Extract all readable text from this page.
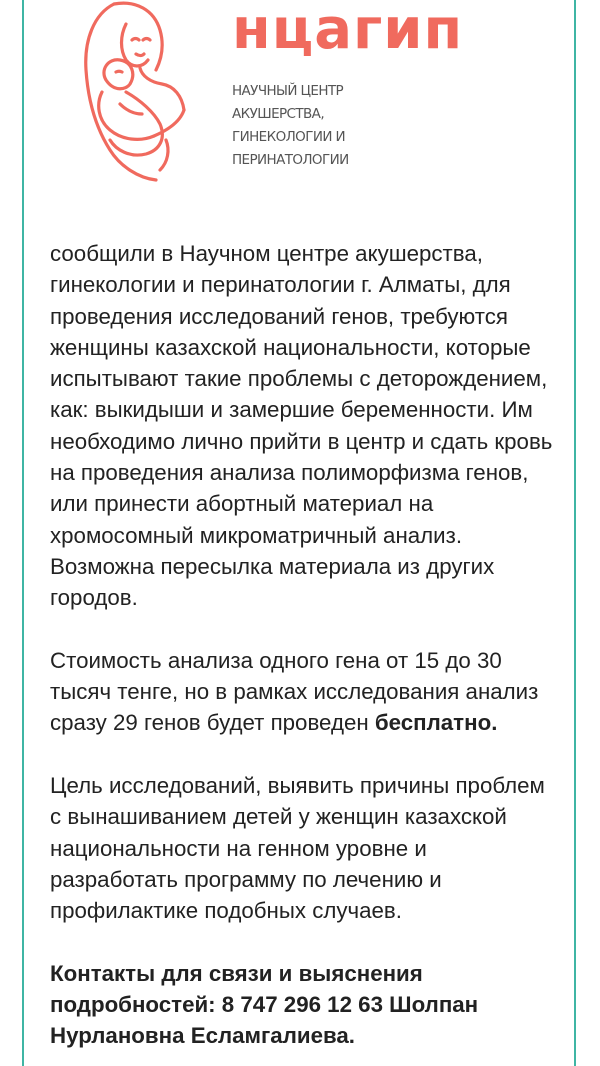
нцагип
НАУЧНЫЙ ЦЕНТР
АКУШЕРСТВА,
ГИНЕКОЛОГИИ И
ПЕРИНАТОЛОГИИ

сообщили в Научном центре акушерства, гинекологии и перинатологии г. Алматы, для проведения исследований генов, требуются женщины казахской национальности, которые испытывают такие проблемы с деторождением, как: выкидыши и замершие беременности. Им необходимо лично прийти в центр и сдать кровь на проведения анализа полиморфизма генов, или принести абортный материал на хромосомный микроматричный анализ. Возможна пересылка материала из других городов.

Стоимость анализа одного гена от 15 до 30 тысяч тенге, но в рамках исследования анализ сразу 29 генов будет проведен бесплатно.

Цель исследований, выявить причины проблем с вынашиванием детей у женщин казахской национальности на генном уровне и разработать программу по лечению и профилактике подобных случаев.

Контакты для связи и выяснения подробностей: 8 747 296 12 63 Шолпан Нурлановна Есламгалиева.
